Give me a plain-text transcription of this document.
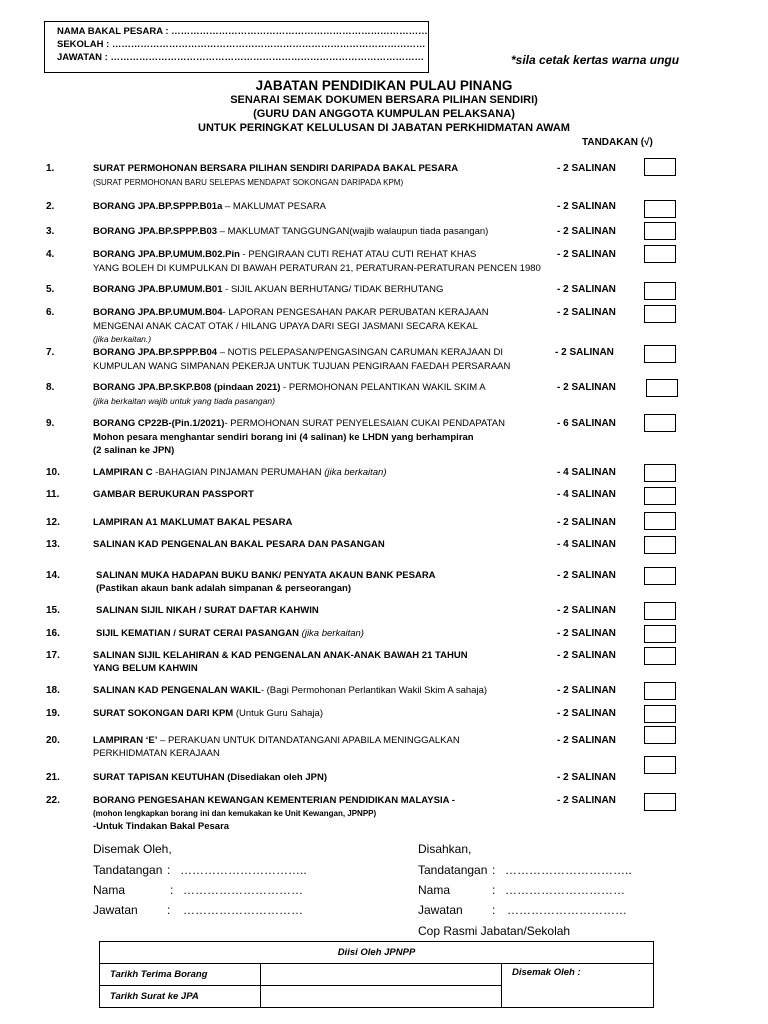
NAMA BAKAL PESARA : ………………………………………………………………………
SEKOLAH : ………………………………………………………………………………………
JAWATAN : ………………………………………………………………………………………	*sila cetak kertas warna ungu
JABATAN PENDIDIKAN PULAU PINANG
SENARAI SEMAK DOKUMEN BERSARA PILIHAN SENDIRI)
(GURU DAN ANGGOTA KUMPULAN PELAKSANA)
UNTUK PERINGKAT KELULUSAN DI JABATAN PERKHIDMATAN AWAM
TANDAKAN (√)
1.	SURAT PERMOHONAN BERSARA PILIHAN SENDIRI DARIPADA BAKAL PESARA
(SURAT PERMOHONAN BARU SELEPAS MENDAPAT SOKONGAN DARIPADA KPM)
- 2 SALINAN
2.	BORANG JPA.BP.SPPP.B01a – MAKLUMAT PESARA	- 2 SALINAN
3.	BORANG JPA.BP.SPPP.B03 – MAKLUMAT TANGGUNGAN(wajib walaupun tiada pasangan)	- 2 SALINAN
4.	BORANG JPA.BP.UMUM.B02.Pin - PENGIRAAN CUTI REHAT ATAU CUTI REHAT KHAS
YANG BOLEH DI KUMPULKAN DI BAWAH PERATURAN 21, PERATURAN-PERATURAN PENCEN 1980
- 2 SALINAN
5.	BORANG JPA.BP.UMUM.B01 - SIJIL AKUAN BERHUTANG/ TIDAK BERHUTANG	- 2 SALINAN
6.	BORANG JPA.BP.UMUM.B04- LAPORAN PENGESAHAN PAKAR PERUBATAN KERAJAAN
MENGENAI ANAK CACAT OTAK / HILANG UPAYA DARI SEGI JASMANI SECARA KEKAL
(jika berkaitan.)
- 2 SALINAN
7.	BORANG JPA.BP.SPPP.B04 – NOTIS PELEPASAN/PENGASINGAN CARUMAN KERAJAAN DI
KUMPULAN WANG SIMPANAN PEKERJA UNTUK TUJUAN PENGIRAAN FAEDAH PERSARAAN
- 2 SALINAN
8.	BORANG JPA.BP.SKP.B08 (pindaan 2021) - PERMOHONAN PELANTIKAN WAKIL SKIM A
(jika berkaitan wajib untuk yang tiada pasangan)
- 2 SALINAN
9.	BORANG CP22B-(Pin.1/2021)- PERMOHONAN SURAT PENYELESAIAN CUKAI PENDAPATAN
Mohon pesara menghantar sendiri borang ini (4 salinan) ke LHDN yang berhampiran
(2 salinan ke JPN)
- 6 SALINAN
10.	LAMPIRAN C -BAHAGIAN PINJAMAN PERUMAHAN (jika berkaitan)	- 4 SALINAN
11.	GAMBAR BERUKURAN PASSPORT	- 4 SALINAN
12.	LAMPIRAN A1 MAKLUMAT BAKAL PESARA	- 2 SALINAN
13.	SALINAN KAD PENGENALAN BAKAL PESARA DAN PASANGAN	- 4 SALINAN
14.	SALINAN MUKA HADAPAN BUKU BANK/ PENYATA AKAUN BANK PESARA
(Pastikan akaun bank adalah simpanan & perseorangan)
- 2 SALINAN
15.	SALINAN SIJIL NIKAH / SURAT DAFTAR KAHWIN	- 2 SALINAN
16.	SIJIL KEMATIAN / SURAT CERAI PASANGAN (jika berkaitan)	- 2 SALINAN
17.	SALINAN SIJIL KELAHIRAN & KAD PENGENALAN ANAK-ANAK BAWAH 21 TAHUN
YANG BELUM KAHWIN
- 2 SALINAN
18.	SALINAN KAD PENGENALAN WAKIL- (Bagi Permohonan Perlantikan Wakil Skim A sahaja)	- 2 SALINAN
19.	SURAT SOKONGAN DARI KPM (Untuk Guru Sahaja)	- 2 SALINAN
20.	LAMPIRAN ‘E’ – PERAKUAN UNTUK DITANDATANGANI APABILA MENINGGALKAN
PERKHIDMATAN KERAJAAN
- 2 SALINAN
21.	SURAT TAPISAN KEUTUHAN (Disediakan oleh JPN)	- 2 SALINAN
22.	BORANG PENGESAHAN KEWANGAN KEMENTERIAN PENDIDIKAN MALAYSIA -
(mohon lengkapkan borang ini dan kemukakan ke Unit Kewangan, JPNPP)
-Untuk Tindakan Bakal Pesara
- 2 SALINAN
Disemak Oleh,
Tandatangan : …………………………..
Nama	: …………………………
Jawatan : …………………………
Disahkan,
Tandatangan : …………………………..
Nama	: …………………………
Jawatan : …………………………
Cop Rasmi Jabatan/Sekolah
Diisi Oleh JPNPP		
Tarikh Terima Borang		Disemak Oleh :
Tarikh Surat ke JPA		
